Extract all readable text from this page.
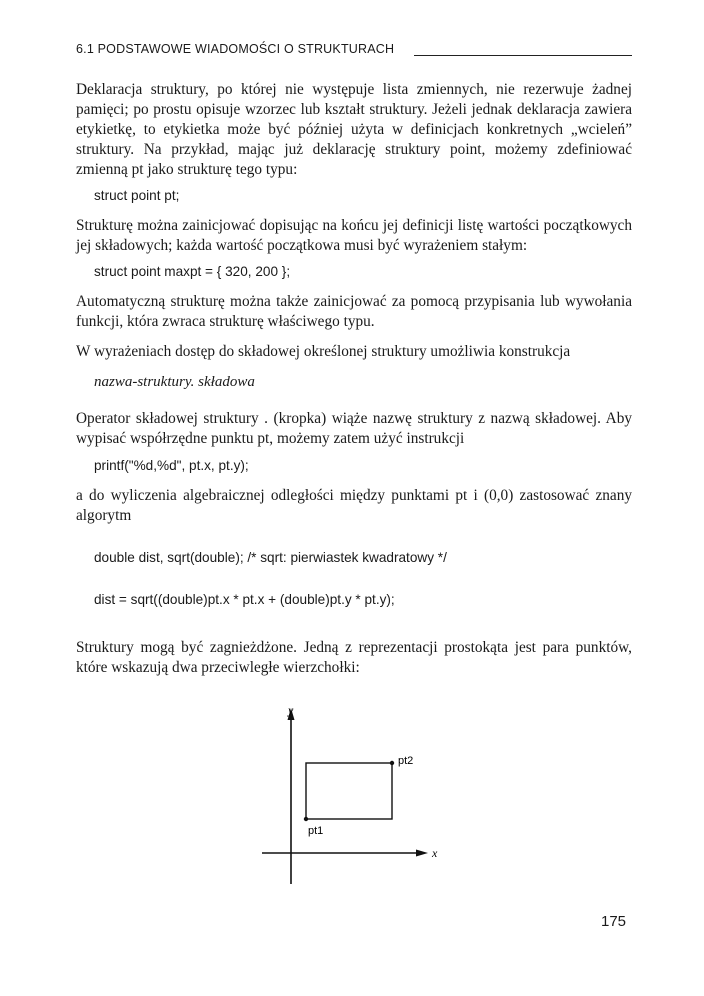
6.1 PODSTAWOWE WIADOMOŚCI O STRUKTURACH
Deklaracja struktury, po której nie występuje lista zmiennych, nie rezerwuje żadnej pamięci; po prostu opisuje wzorzec lub kształt struktury. Jeżeli jednak deklaracja zawiera etykietkę, to etykietka może być później użyta w definicjach konkretnych „wcieleń” struktury. Na przykład, mając już deklarację struktury point, możemy zdefiniować zmienną pt jako strukturę tego typu:
struct point pt;
Strukturę można zainicjować dopisując na końcu jej definicji listę wartości początkowych jej składowych; każda wartość początkowa musi być wyrażeniem stałym:
struct point maxpt = { 320, 200 };
Automatyczną strukturę można także zainicjować za pomocą przypisania lub wywołania funkcji, która zwraca strukturę właściwego typu.
W wyrażeniach dostęp do składowej określonej struktury umożliwia konstrukcja
nazwa-struktury. składowa
Operator składowej struktury . (kropka) wiąże nazwę struktury z nazwą składowej. Aby wypisać współrzędne punktu pt, możemy zatem użyć instrukcji
printf("%d,%d", pt.x, pt.y);
a do wyliczenia algebraicznej odległości między punktami pt i (0,0) zastosować znany algorytm
double dist, sqrt(double); /* sqrt: pierwiastek kwadratowy */
dist = sqrt((double)pt.x * pt.x + (double)pt.y * pt.y);
Struktury mogą być zagnieżdżone. Jedną z reprezentacji prostokąta jest para punktów, które wskazują dwa przeciwległe wierzchołki:
y
x
pt1
pt2
175
